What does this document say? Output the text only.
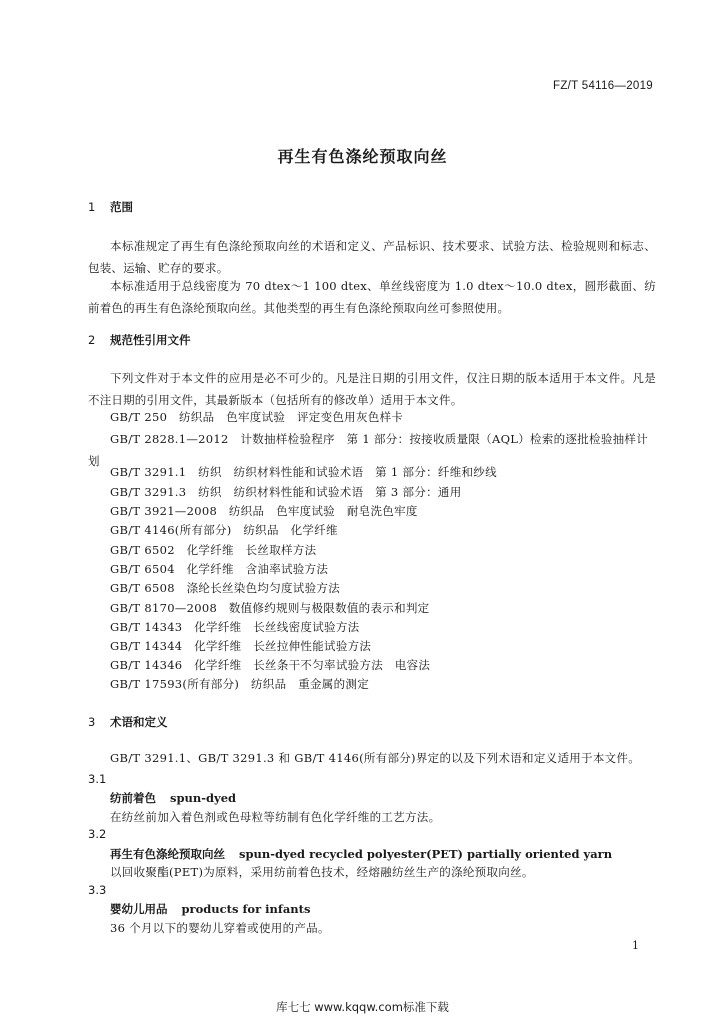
FZ/T 54116—2019
再生有色涤纶预取向丝
1 范围
本标准规定了再生有色涤纶预取向丝的术语和定义、产品标识、技术要求、试验方法、检验规则和标志、包装、运输、贮存的要求。
本标准适用于总线密度为 70 dtex～1 100 dtex、单丝线密度为 1.0 dtex～10.0 dtex，圆形截面、纺前着色的再生有色涤纶预取向丝。其他类型的再生有色涤纶预取向丝可参照使用。
2 规范性引用文件
下列文件对于本文件的应用是必不可少的。凡是注日期的引用文件，仅注日期的版本适用于本文件。凡是不注日期的引用文件，其最新版本（包括所有的修改单）适用于本文件。
GB/T 250　纺织品　色牢度试验　评定变色用灰色样卡
GB/T 2828.1—2012　计数抽样检验程序　第 1 部分：按接收质量限（AQL）检索的逐批检验抽样计划
GB/T 3291.1　纺织　纺织材料性能和试验术语　第 1 部分：纤维和纱线
GB/T 3291.3　纺织　纺织材料性能和试验术语　第 3 部分：通用
GB/T 3921—2008　纺织品　色牢度试验　耐皂洗色牢度
GB/T 4146(所有部分)　纺织品　化学纤维
GB/T 6502　化学纤维　长丝取样方法
GB/T 6504　化学纤维　含油率试验方法
GB/T 6508　涤纶长丝染色均匀度试验方法
GB/T 8170—2008　数值修约规则与极限数值的表示和判定
GB/T 14343　化学纤维　长丝线密度试验方法
GB/T 14344　化学纤维　长丝拉伸性能试验方法
GB/T 14346　化学纤维　长丝条干不匀率试验方法　电容法
GB/T 17593(所有部分)　纺织品　重金属的测定
3 术语和定义
GB/T 3291.1、GB/T 3291.3 和 GB/T 4146(所有部分)界定的以及下列术语和定义适用于本文件。
3.1
纺前着色 spun-dyed
在纺丝前加入着色剂或色母粒等纺制有色化学纤维的工艺方法。
3.2
再生有色涤纶预取向丝 spun-dyed recycled polyester(PET) partially oriented yarn
以回收聚酯(PET)为原料，采用纺前着色技术，经熔融纺丝生产的涤纶预取向丝。
3.3
婴幼儿用品 products for infants
36 个月以下的婴幼儿穿着或使用的产品。
1
库七七 www.kqqw.com标准下载
